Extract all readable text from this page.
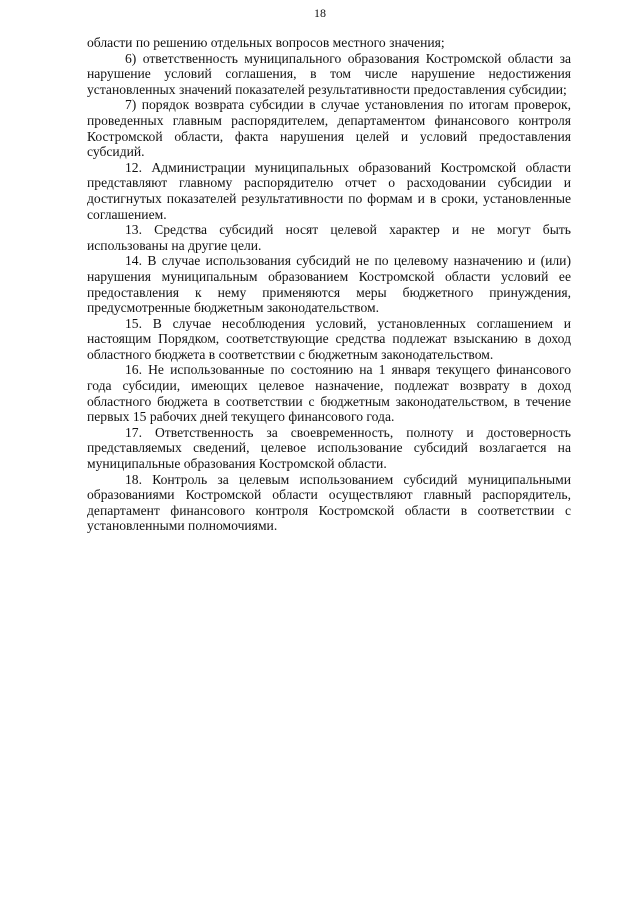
18

области по решению отдельных вопросов местного значения;

6) ответственность муниципального образования Костромской области за нарушение условий соглашения, в том числе нарушение недостижения установленных значений показателей результативности предоставления субсидии;

7) порядок возврата субсидии в случае установления по итогам проверок, проведенных главным распорядителем, департаментом финансового контроля Костромской области, факта нарушения целей и условий предоставления субсидий.

12. Администрации муниципальных образований Костромской области представляют главному распорядителю отчет о расходовании субсидии и достигнутых показателей результативности по формам и в сроки, установленные соглашением.

13. Средства субсидий носят целевой характер и не могут быть использованы на другие цели.

14. В случае использования субсидий не по целевому назначению и (или) нарушения муниципальным образованием Костромской области условий ее предоставления к нему применяются меры бюджетного принуждения, предусмотренные бюджетным законодательством.

15. В случае несоблюдения условий, установленных соглашением и настоящим Порядком, соответствующие средства подлежат взысканию в доход областного бюджета в соответствии с бюджетным законодательством.

16. Не использованные по состоянию на 1 января текущего финансового года субсидии, имеющих целевое назначение, подлежат возврату в доход областного бюджета в соответствии с бюджетным законодательством, в течение первых 15 рабочих дней текущего финансового года.

17. Ответственность за своевременность, полноту и достоверность представляемых сведений, целевое использование субсидий возлагается на муниципальные образования Костромской области.

18. Контроль за целевым использованием субсидий муниципальными образованиями Костромской области осуществляют главный распорядитель, департамент финансового контроля Костромской области в соответствии с установленными полномочиями.
